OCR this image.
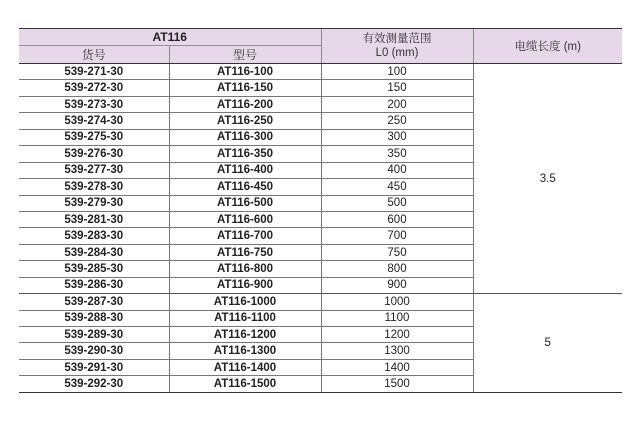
AT116		有效测量范围
L0 (mm)	电缆长度 (m)
货号	型号		
539-271-30	AT116-100	100	3.5
539-272-30	AT116-150	150	
539-273-30	AT116-200	200	
539-274-30	AT116-250	250	
539-275-30	AT116-300	300	
539-276-30	AT116-350	350	
539-277-30	AT116-400	400	
539-278-30	AT116-450	450	
539-279-30	AT116-500	500	
539-281-30	AT116-600	600	
539-283-30	AT116-700	700	
539-284-30	AT116-750	750	
539-285-30	AT116-800	800	
539-286-30	AT116-900	900	
539-287-30	AT116-1000	1000	5
539-288-30	AT116-1100	1100	
539-289-30	AT116-1200	1200	
539-290-30	AT116-1300	1300	
539-291-30	AT116-1400	1400	
539-292-30	AT116-1500	1500	
